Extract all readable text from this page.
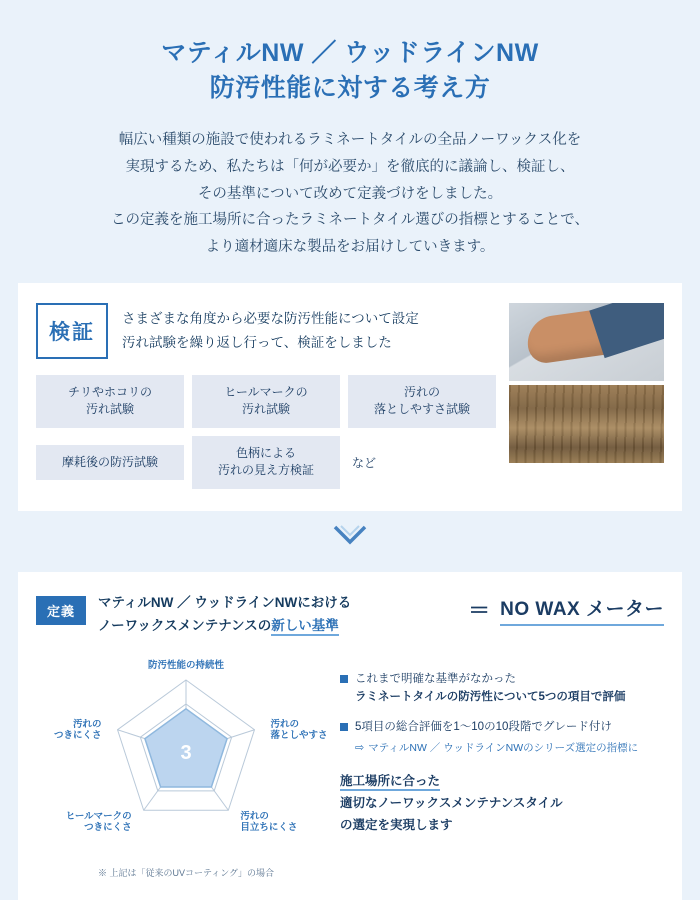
マティルNW ／ ウッドラインNW
防汚性能に対する考え方
幅広い種類の施設で使われるラミネートタイルの全品ノーワックス化を
実現するため、私たちは「何が必要か」を徹底的に議論し、検証し、
その基準について改めて定義づけをしました。
この定義を施工場所に合ったラミネートタイル選びの指標とすることで、
より適材適床な製品をお届けしていきます。
検証
さまざまな角度から必要な防汚性能について設定
汚れ試験を繰り返し行って、検証をしました
チリやホコリの
汚れ試験
ヒールマークの
汚れ試験
汚れの
落としやすさ試験
摩耗後の防汚試験
色柄による
汚れの見え方検証
など
定義
マティルNW ／ ウッドラインNWにおける
ノーワックスメンテナンスの新しい基準
＝ NO WAX メーター
3
防汚性能の持続性
汚れの落としやすさ
汚れの目立ちにくさ
ヒールマークのつきにくさ
汚れのつきにくさ
※ 上記は「従来のUVコーティング」の場合
これまで明確な基準がなかった
ラミネートタイルの防汚性について5つの項目で評価
5項目の総合評価を1〜10の10段階でグレード付け
⇨ マティルNW ／ ウッドラインNWのシリーズ選定の指標に
施工場所に合った
適切なノーワックスメンテナンスタイル
の選定を実現します
